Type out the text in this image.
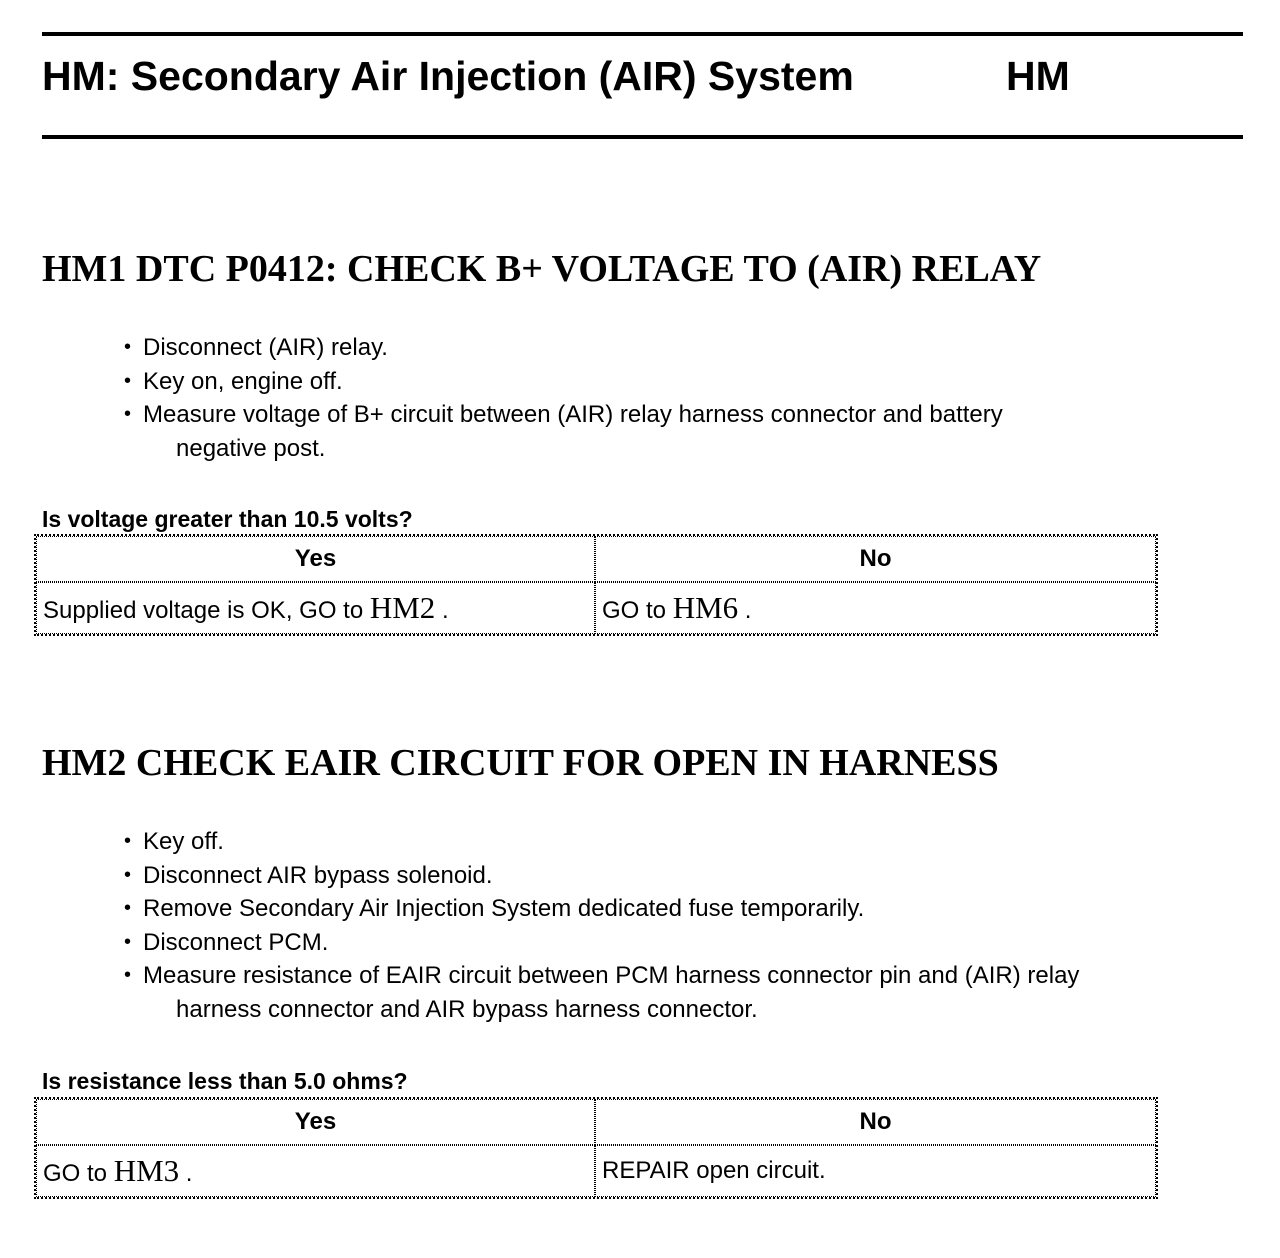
HM: Secondary Air Injection (AIR) System	HM
HM1 DTC P0412: CHECK B+ VOLTAGE TO (AIR) RELAY
• Disconnect (AIR) relay.
• Key on, engine off.
• Measure voltage of B+ circuit between (AIR) relay harness connector and battery
negative post.
Is voltage greater than 10.5 volts?
Yes	No
Supplied voltage is OK, GO to HM2 .	GO to HM6 .
HM2 CHECK EAIR CIRCUIT FOR OPEN IN HARNESS
• Key off.
• Disconnect AIR bypass solenoid.
• Remove Secondary Air Injection System dedicated fuse temporarily.
• Disconnect PCM.
• Measure resistance of EAIR circuit between PCM harness connector pin and (AIR) relay
harness connector and AIR bypass harness connector.
Is resistance less than 5.0 ohms?
Yes	No
GO to HM3 .	REPAIR open circuit.
